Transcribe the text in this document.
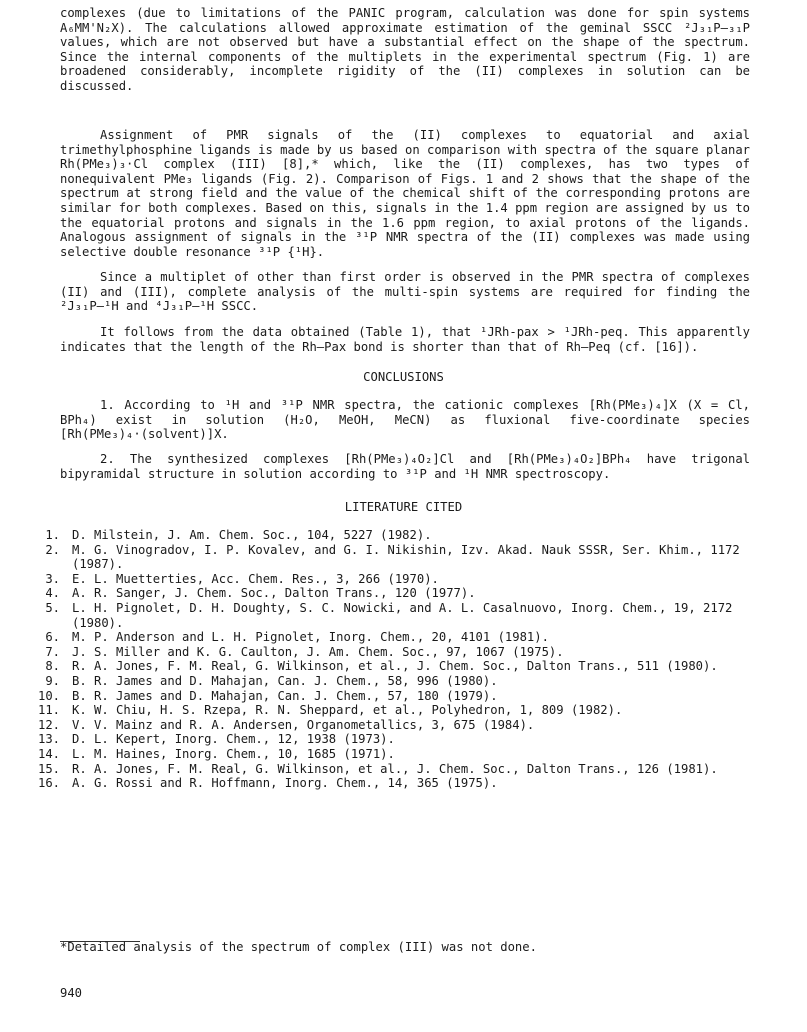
complexes (due to limitations of the PANIC program, calculation was done for spin systems A₆MM'N₂X). The calculations allowed approximate estimation of the geminal SSCC ²J₃₁P–₃₁P values, which are not observed but have a substantial effect on the shape of the spectrum. Since the internal components of the multiplets in the experimental spectrum (Fig. 1) are broadened considerably, incomplete rigidity of the (II) complexes in solution can be discussed.

Assignment of PMR signals of the (II) complexes to equatorial and axial trimethylphosphine ligands is made by us based on comparison with spectra of the square planar Rh(PMe₃)₃·Cl complex (III) [8],* which, like the (II) complexes, has two types of nonequivalent PMe₃ ligands (Fig. 2). Comparison of Figs. 1 and 2 shows that the shape of the spectrum at strong field and the value of the chemical shift of the corresponding protons are similar for both complexes. Based on this, signals in the 1.4 ppm region are assigned by us to the equatorial protons and signals in the 1.6 ppm region, to axial protons of the ligands. Analogous assignment of signals in the ³¹P NMR spectra of the (II) complexes was made using selective double resonance ³¹P {¹H}.

Since a multiplet of other than first order is observed in the PMR spectra of complexes (II) and (III), complete analysis of the multi-spin systems are required for finding the ²J₃₁P–¹H and ⁴J₃₁P–¹H SSCC.

It follows from the data obtained (Table 1), that ¹JRh-pax > ¹JRh-peq. This apparently indicates that the length of the Rh–Pax bond is shorter than that of Rh–Peq (cf. [16]).

CONCLUSIONS

1. According to ¹H and ³¹P NMR spectra, the cationic complexes [Rh(PMe₃)₄]X (X = Cl, BPh₄) exist in solution (H₂O, MeOH, MeCN) as fluxional five-coordinate species [Rh(PMe₃)₄·(solvent)]X.

2. The synthesized complexes [Rh(PMe₃)₄O₂]Cl and [Rh(PMe₃)₄O₂]BPh₄ have trigonal bipyramidal structure in solution according to ³¹P and ¹H NMR spectroscopy.

LITERATURE CITED

1. D. Milstein, J. Am. Chem. Soc., 104, 5227 (1982).
2. M. G. Vinogradov, I. P. Kovalev, and G. I. Nikishin, Izv. Akad. Nauk SSSR, Ser. Khim., 1172 (1987).
3. E. L. Muetterties, Acc. Chem. Res., 3, 266 (1970).
4. A. R. Sanger, J. Chem. Soc., Dalton Trans., 120 (1977).
5. L. H. Pignolet, D. H. Doughty, S. C. Nowicki, and A. L. Casalnuovo, Inorg. Chem., 19, 2172 (1980).
6. M. P. Anderson and L. H. Pignolet, Inorg. Chem., 20, 4101 (1981).
7. J. S. Miller and K. G. Caulton, J. Am. Chem. Soc., 97, 1067 (1975).
8. R. A. Jones, F. M. Real, G. Wilkinson, et al., J. Chem. Soc., Dalton Trans., 511 (1980).
9. B. R. James and D. Mahajan, Can. J. Chem., 58, 996 (1980).
10. B. R. James and D. Mahajan, Can. J. Chem., 57, 180 (1979).
11. K. W. Chiu, H. S. Rzepa, R. N. Sheppard, et al., Polyhedron, 1, 809 (1982).
12. V. V. Mainz and R. A. Andersen, Organometallics, 3, 675 (1984).
13. D. L. Kepert, Inorg. Chem., 12, 1938 (1973).
14. L. M. Haines, Inorg. Chem., 10, 1685 (1971).
15. R. A. Jones, F. M. Real, G. Wilkinson, et al., J. Chem. Soc., Dalton Trans., 126 (1981).
16. A. G. Rossi and R. Hoffmann, Inorg. Chem., 14, 365 (1975).

*Detailed analysis of the spectrum of complex (III) was not done.

940
